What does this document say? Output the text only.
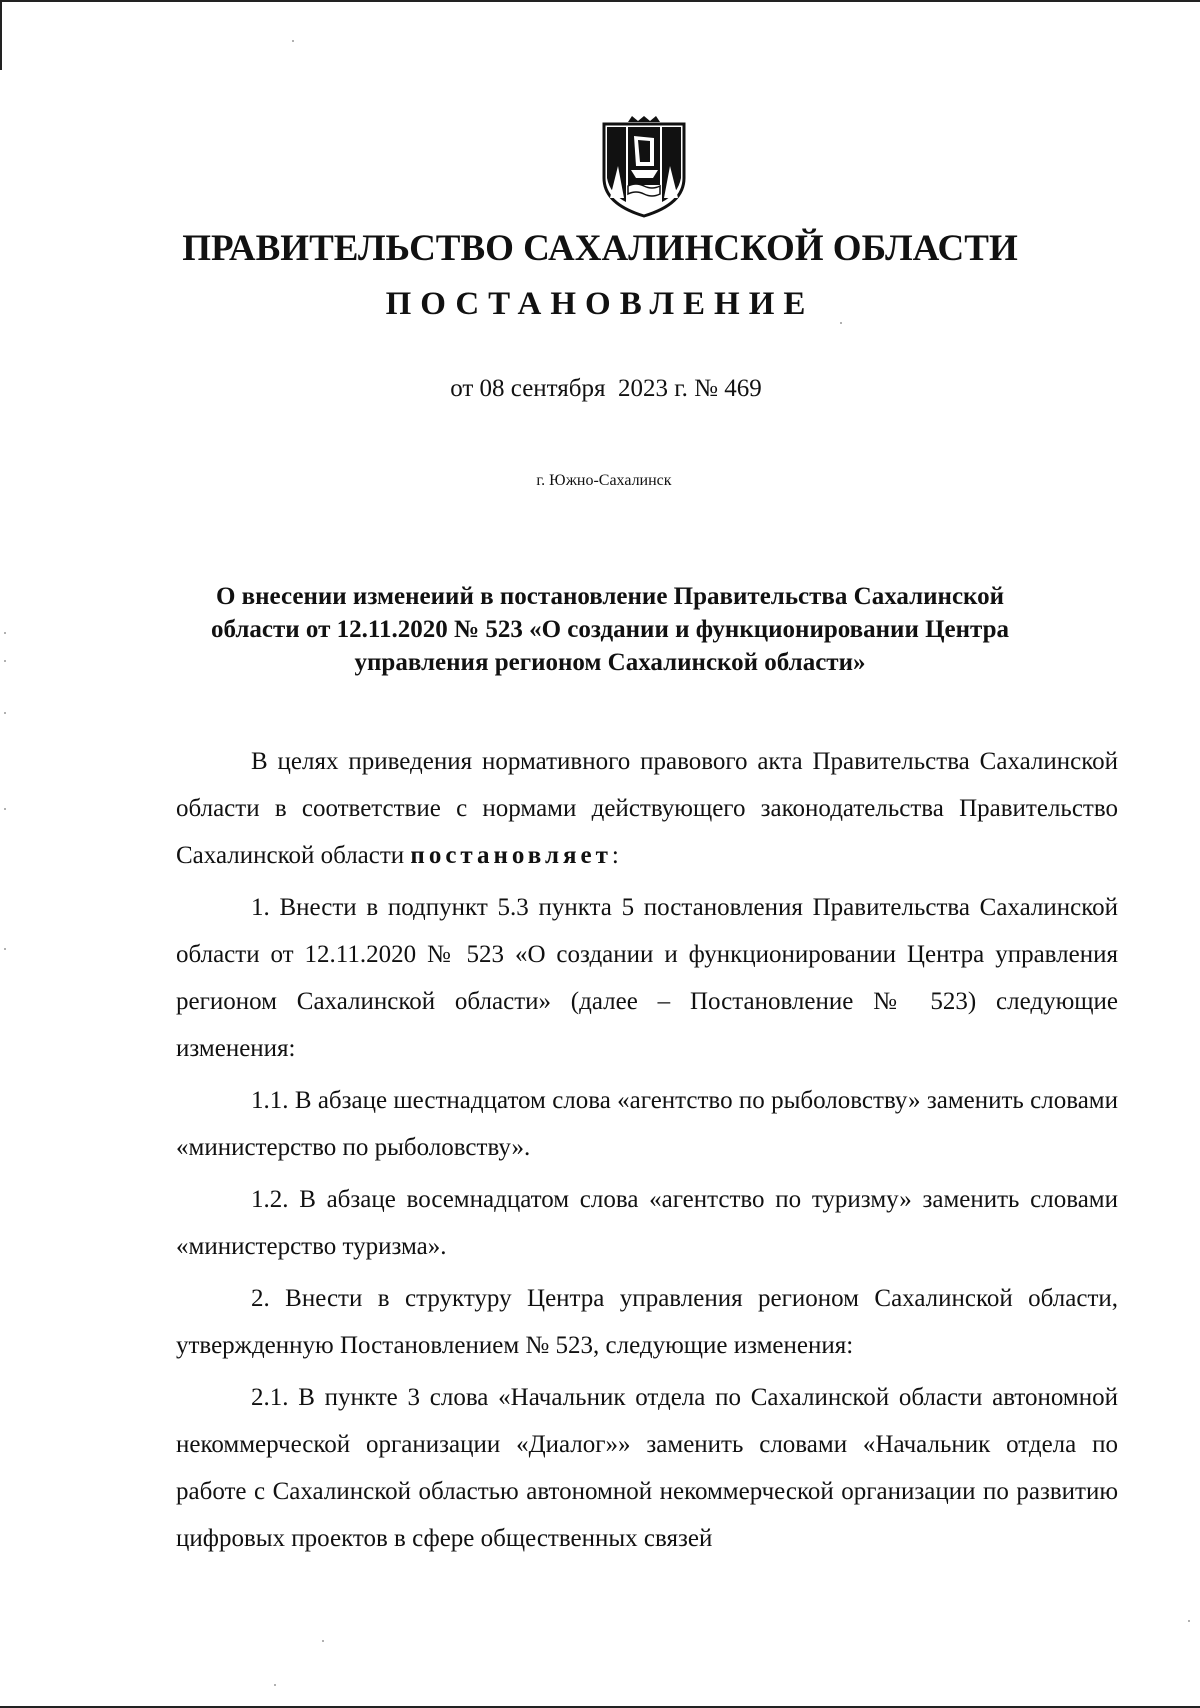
ПРАВИТЕЛЬСТВО САХАЛИНСКОЙ ОБЛАСТИ
ПОСТАНОВЛЕНИЕ
от 08 сентября  2023 г. № 469
г. Южно-Сахалинск
О внесении изменеиий в постановление Правительства Сахалинской области от 12.11.2020 № 523 «О создании и функционировании Центра управления регионом Сахалинской области»

В целях приведения нормативного правового акта Правительства Сахалинской области в соответствие с нормами действующего законодательства Правительство Сахалинской области постановляет:

1. Внести в подпункт 5.3 пункта 5 постановления Правительства Сахалинской области от 12.11.2020 № 523 «О создании и функционировании Центра управления регионом Сахалинской области» (далее – Постановление № 523) следующие изменения:

1.1. В абзаце шестнадцатом слова «агентство по рыболовству» заменить словами «министерство по рыболовству».

1.2. В абзаце восемнадцатом слова «агентство по туризму» заменить словами «министерство туризма».

2. Внести в структуру Центра управления регионом Сахалинской области, утвержденную Постановлением № 523, следующие изменения:

2.1. В пункте 3 слова «Начальник отдела по Сахалинской области автономной некоммерческой организации «Диалог»» заменить словами «Начальник отдела по работе с Сахалинской областью автономной некоммерческой организации по развитию цифровых проектов в сфере общественных связей
